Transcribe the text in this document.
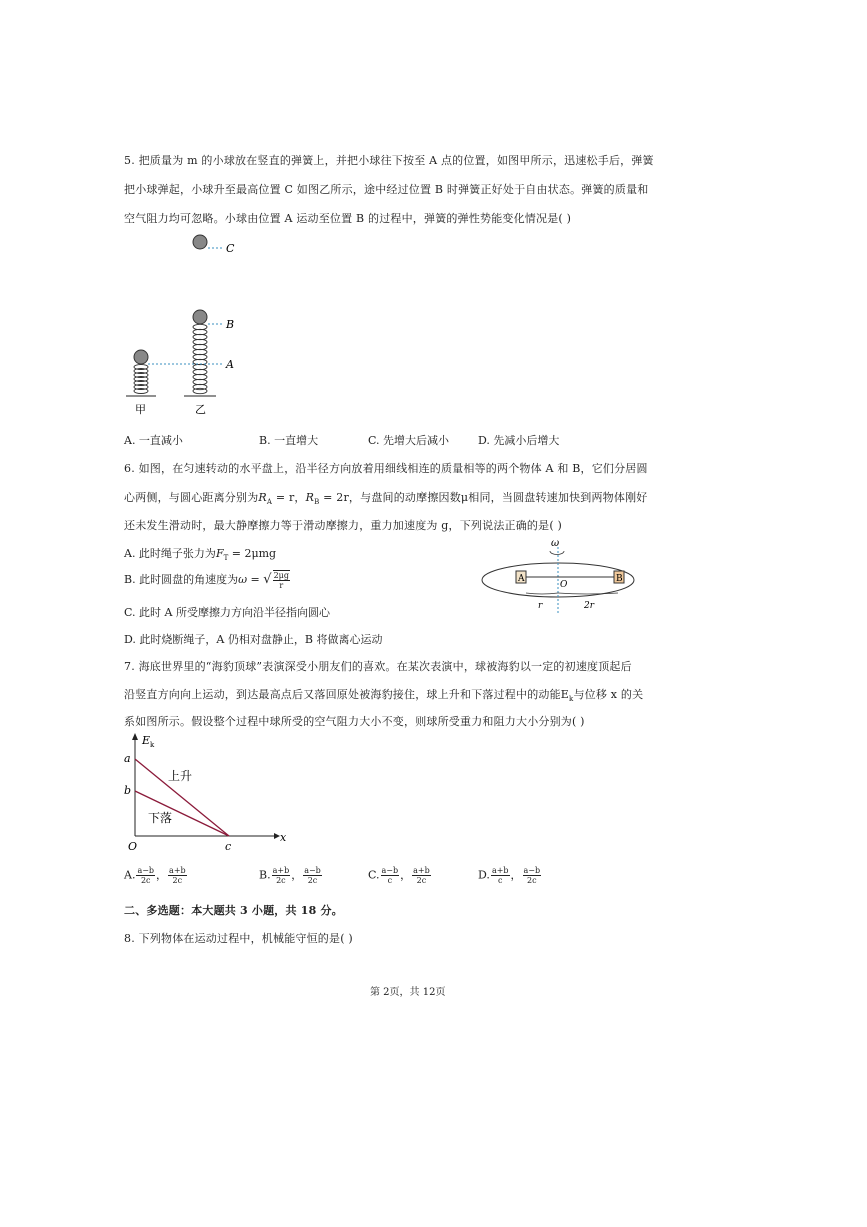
5. 把质量为 m 的小球放在竖直的弹簧上，并把小球往下按至 A 点的位置，如图甲所示，迅速松手后，弹簧
把小球弹起，小球升至最高位置 C 如图乙所示，途中经过位置 B 时弹簧正好处于自由状态。弹簧的质量和
空气阻力均可忽略。小球由位置 A 运动至位置 B 的过程中，弹簧的弹性势能变化情况是( )
C
甲	乙
B
A
A. 一直减小	B. 一直增大	C. 先增大后减小	D. 先减小后增大
6. 如图，在匀速转动的水平盘上，沿半径方向放着用细线相连的质量相等的两个物体 A 和 B，它们分居圆
心两侧，与圆心距离分别为$R_A = r$，$R_B = 2r$，与盘间的动摩擦因数μ相同，当圆盘转速加快到两物体刚好
还未发生滑动时，最大静摩擦力等于滑动摩擦力，重力加速度为 g，下列说法正确的是( )
A. 此时绳子张力为$F_T = 2\mu mg$
B. 此时圆盘的角速度为ω = √ $\frac{2\mu g}{r}$
C. 此时 A 所受摩擦力方向沿半径指向圆心
D. 此时烧断绳子，A 仍相对盘静止，B 将做离心运动
ω
A	B
O
r	2r
7. 海底世界里的“海豹顶球”表演深受小朋友们的喜欢。在某次表演中，球被海豹以一定的初速度顶起后
沿竖直方向向上运动，到达最高点后又落回原处被海豹接住，球上升和下落过程中的动能$E_k$与位移 x 的关
系如图所示。假设整个过程中球所受的空气阻力大小不变，则球所受重力和阻力大小分别为( )
E k
x
O
a
b
c
上升
下落
A. $\frac{a-b}{2c}$ ， $\frac{a+b}{2c}$	B. $\frac{a+b}{2c}$ ， $\frac{a-b}{2c}$	C. $\frac{a-b}{c}$ ， $\frac{a+b}{2c}$	D. $\frac{a+b}{c}$ ， $\frac{a-b}{2c}$
二、多选题：本大题共 3 小题，共 18 分。
8. 下列物体在运动过程中，机械能守恒的是( )
第 2页，共 12页
